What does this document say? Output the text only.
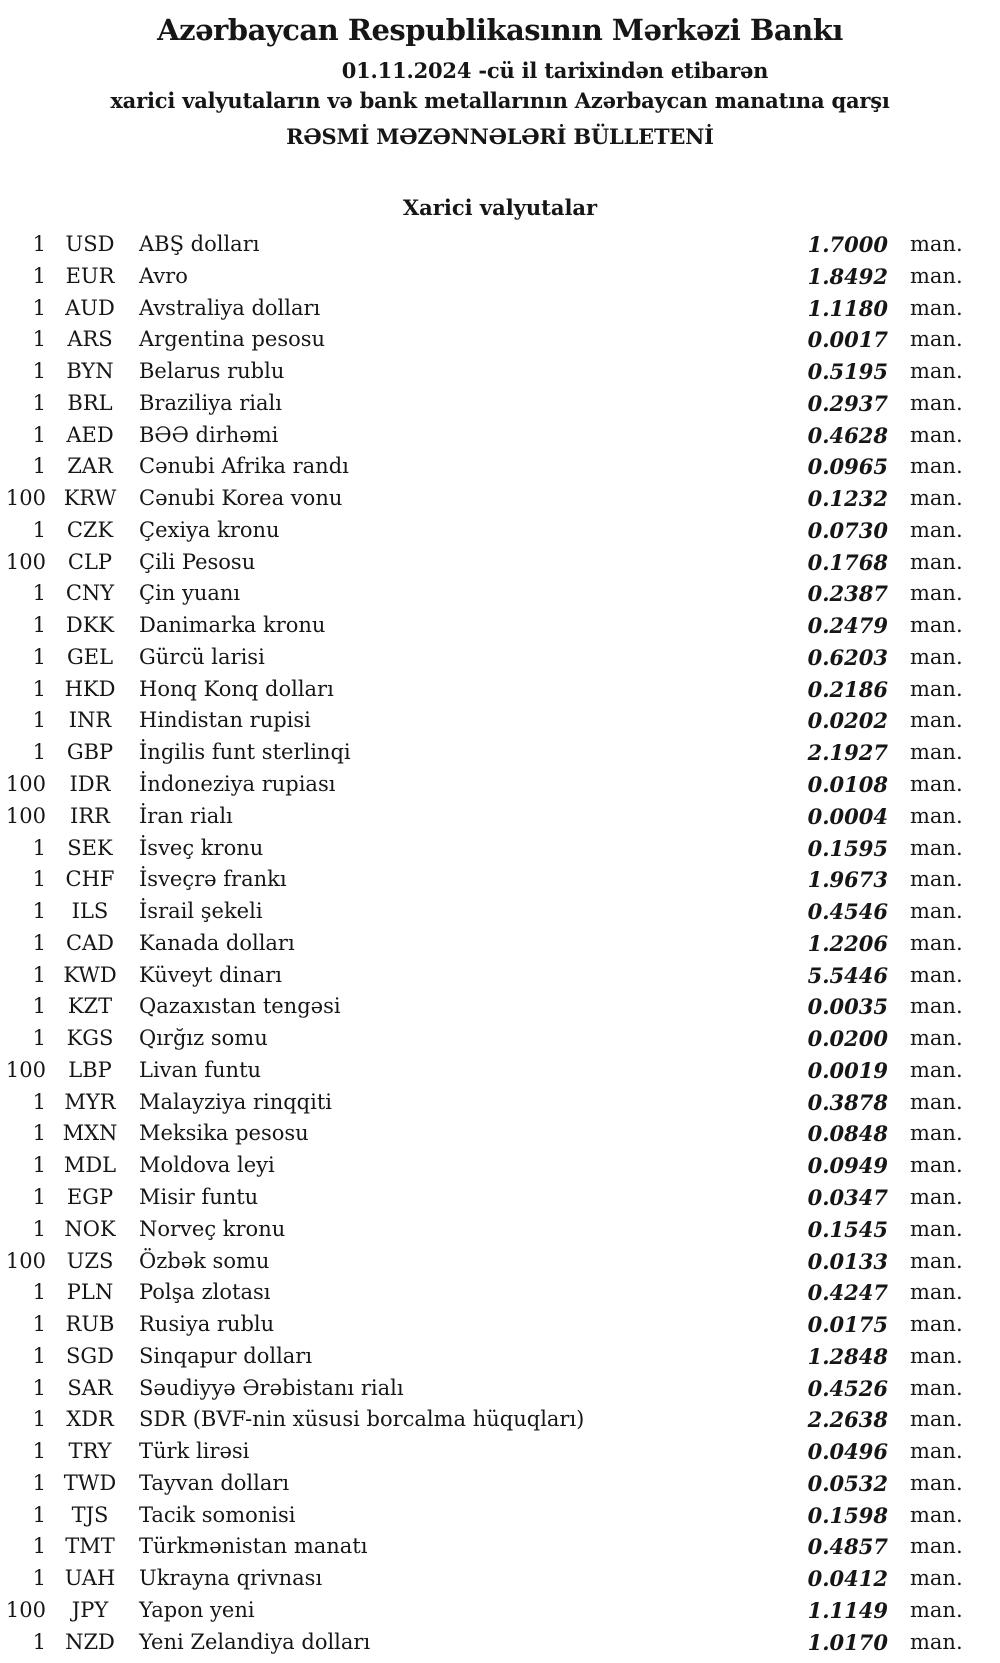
Azərbaycan Respublikasının Mərkəzi Bankı
01.11.2024 -cü il tarixindən etibarən
xarici valyutaların və bank metallarının Azərbaycan manatına qarşı
RƏSMİ MƏZƏNNƏLƏRİ BÜLLETENİ
Xarici valyutalar
1 USD	ABŞ dolları	1.7000	man.
1 EUR	Avro	1.8492	man.
1 AUD	Avstraliya dolları	1.1180	man.
1	ARS	Argentina pesosu	0.0017	man.
1 BYN	Belarus rublu	0.5195	man.
1	BRL	Braziliya rialı	0.2937	man.
1 AED	BƏƏ dirhəmi	0.4628	man.
1	ZAR	Cənubi Afrika randı	0.0965	man.
100 KRW	Cənubi Korea vonu	0.1232	man.
1 CZK	Çexiya kronu	0.0730	man.
100	CLP	Çili Pesosu	0.1768	man.
1 CNY	Çin yuanı	0.2387	man.
1 DKK	Danimarka kronu	0.2479	man.
1 GEL	Gürcü larisi	0.6203	man.
1 HKD	Honq Konq dolları	0.2186	man.
1	INR	Hindistan rupisi	0.0202	man.
1 GBP	İngilis funt sterlinqi	2.1927	man.
100	IDR	İndoneziya rupiası	0.0108	man.
100	IRR	İran rialı	0.0004	man.
1	SEK	İsveç kronu	0.1595	man.
1 CHF	İsveçrə frankı	1.9673	man.
1	ILS	İsrail şekeli	0.4546	man.
1 CAD	Kanada dolları	1.2206	man.
1 KWD	Küveyt dinarı	5.5446	man.
1	KZT	Qazaxıstan tengəsi	0.0035	man.
1 KGS	Qırğız somu	0.0200	man.
100	LBP	Livan funtu	0.0019	man.
1 MYR	Malayziya rinqqiti	0.3878	man.
1 MXN	Meksika pesosu	0.0848	man.
1 MDL	Moldova leyi	0.0949	man.
1 EGP	Misir funtu	0.0347	man.
1 NOK	Norveç kronu	0.1545	man.
100 UZS	Özbək somu	0.0133	man.
1 PLN	Polşa zlotası	0.4247	man.
1 RUB	Rusiya rublu	0.0175	man.
1 SGD	Sinqapur dolları	1.2848	man.
1	SAR	Səudiyyə Ərəbistanı rialı	0.4526	man.
1 XDR	SDR (BVF-nin xüsusi borcalma hüquqları)	2.2638	man.
1	TRY	Türk lirəsi	0.0496	man.
1 TWD	Tayvan dolları	0.0532	man.
1	TJS	Tacik somonisi	0.1598	man.
1 TMT	Türkmənistan manatı	0.4857	man.
1 UAH	Ukrayna qrivnası	0.0412	man.
100	JPY	Yapon yeni	1.1149	man.
1 NZD	Yeni Zelandiya dolları	1.0170	man.
